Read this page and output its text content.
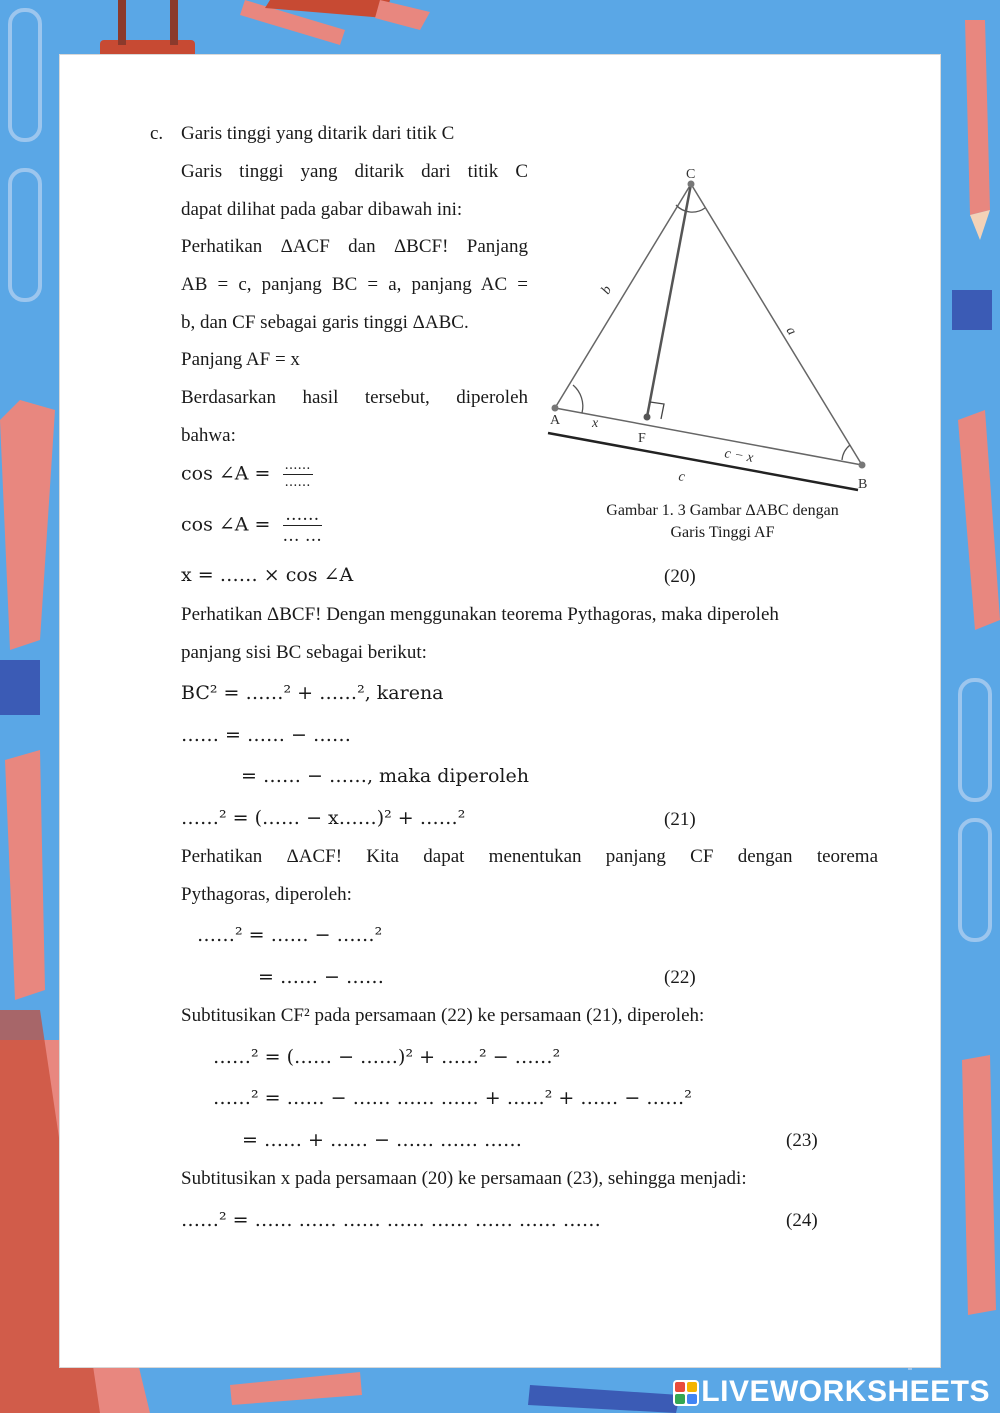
c. Garis tinggi yang ditarik dari titik C
Garis tinggi yang ditarik dari titik C
dapat dilihat pada gabar dibawah ini:
Perhatikan ΔACF dan ΔBCF! Panjang
AB = c, panjang BC = a, panjang AC =
b, dan CF sebagai garis tinggi ΔABC.
Panjang AF = x
Berdasarkan hasil tersebut, diperoleh
bahwa:
cos ∠A = $\frac{\dots\dots}{\dots\dots}$
cos ∠A = $\frac{\dots\dots}{\dots \dots}$
x = …… × cos ∠A	(20)
C
A
B
F
b
a
x
c − x
c
Gambar 1. 3 Gambar ΔABC dengan
Garis Tinggi AF
Perhatikan ΔBCF! Dengan menggunakan teorema Pythagoras, maka diperoleh
panjang sisi BC sebagai berikut:
BC² = ……² + ……², karena
…… = …… − ……
= …… − ……, maka diperoleh
……² = (…… − x……)² + ……²	(21)
Perhatikan ΔACF! Kita dapat menentukan panjang CF dengan teorema
Pythagoras, diperoleh:
……² = …… − ……²
= …… − ……	(22)
Subtitusikan CF² pada persamaan (22) ke persamaan (21), diperoleh:
……² = (…… − ……)² + ……² − ……²
……² = …… − …… …… …… + ……² + …… − ……²
= …… + …… − …… …… ……	(23)
Subtitusikan x pada persamaan (20) ke persamaan (23), sehingga menjadi:
……² = …… …… …… …… …… …… …… ……	(24)
LIVEWORKSHEETS
